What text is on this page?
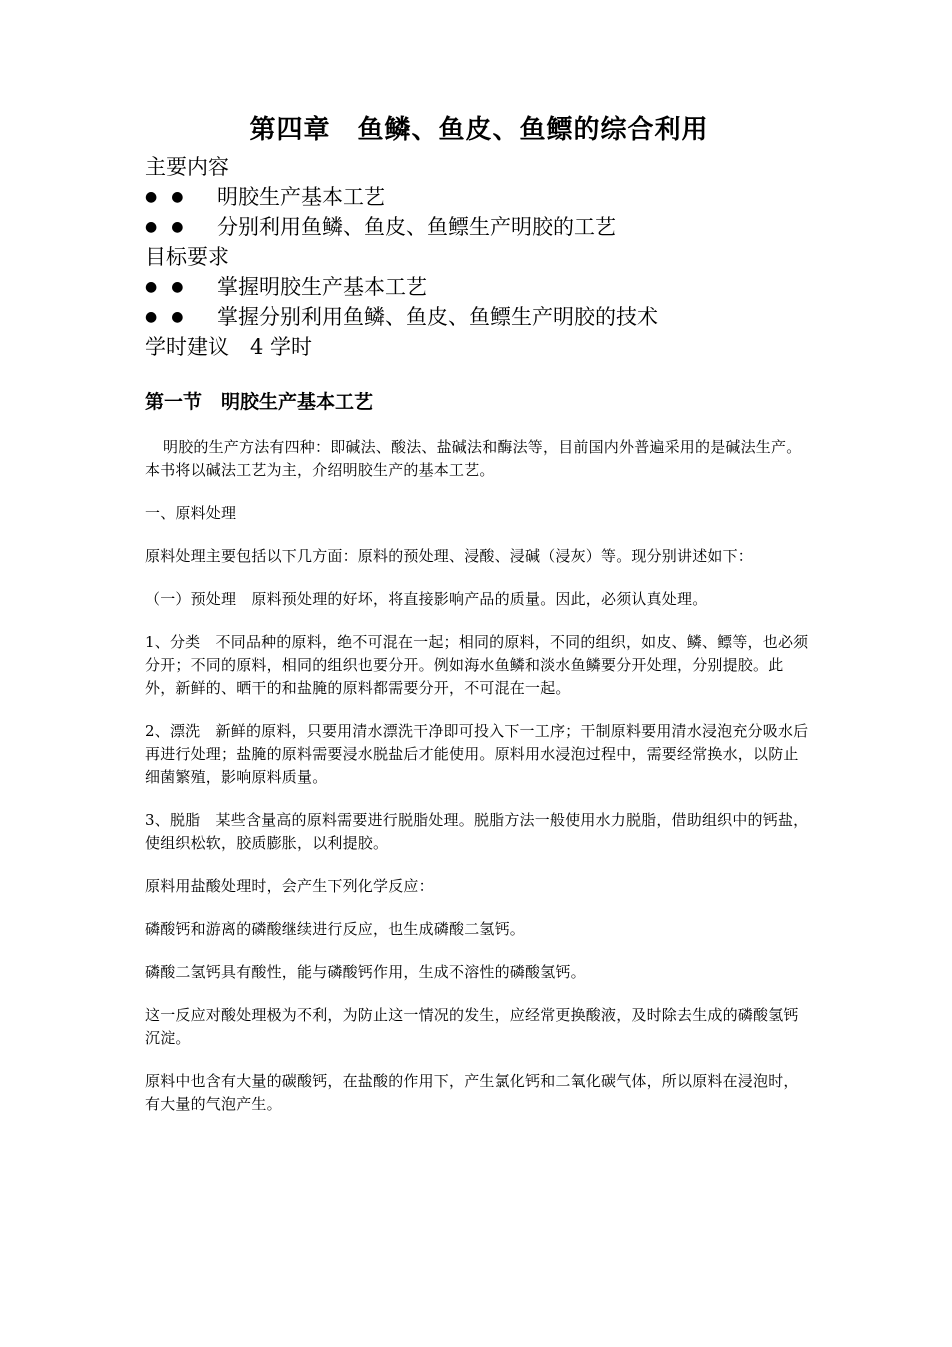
第四章　鱼鳞、鱼皮、鱼鳔的综合利用

主要内容

● ●	明胶生产基本工艺
● ●	分别利用鱼鳞、鱼皮、鱼鳔生产明胶的工艺

目标要求

● ●	掌握明胶生产基本工艺
● ●	掌握分别利用鱼鳞、鱼皮、鱼鳔生产明胶的技术

学时建议　4 学时

第一节　明胶生产基本工艺

明胶的生产方法有四种：即碱法、酸法、盐碱法和酶法等，目前国内外普遍采用的是碱法生产。本书将以碱法工艺为主，介绍明胶生产的基本工艺。

一、原料处理

原料处理主要包括以下几方面：原料的预处理、浸酸、浸碱（浸灰）等。现分别讲述如下：

（一）预处理　原料预处理的好坏，将直接影响产品的质量。因此，必须认真处理。

1、分类　不同品种的原料，绝不可混在一起；相同的原料，不同的组织，如皮、鳞、鳔等，也必须分开；不同的原料，相同的组织也要分开。例如海水鱼鳞和淡水鱼鳞要分开处理，分别提胶。此外，新鲜的、晒干的和盐腌的原料都需要分开，不可混在一起。

2、漂洗　新鲜的原料，只要用清水漂洗干净即可投入下一工序；干制原料要用清水浸泡充分吸水后再进行处理；盐腌的原料需要浸水脱盐后才能使用。原料用水浸泡过程中，需要经常换水，以防止细菌繁殖，影响原料质量。

3、脱脂　某些含量高的原料需要进行脱脂处理。脱脂方法一般使用水力脱脂，借助组织中的钙盐，使组织松软，胶质膨胀，以利提胶。

原料用盐酸处理时，会产生下列化学反应：

磷酸钙和游离的磷酸继续进行反应，也生成磷酸二氢钙。

磷酸二氢钙具有酸性，能与磷酸钙作用，生成不溶性的磷酸氢钙。

这一反应对酸处理极为不利，为防止这一情况的发生，应经常更换酸液，及时除去生成的磷酸氢钙沉淀。

原料中也含有大量的碳酸钙，在盐酸的作用下，产生氯化钙和二氧化碳气体，所以原料在浸泡时，有大量的气泡产生。
